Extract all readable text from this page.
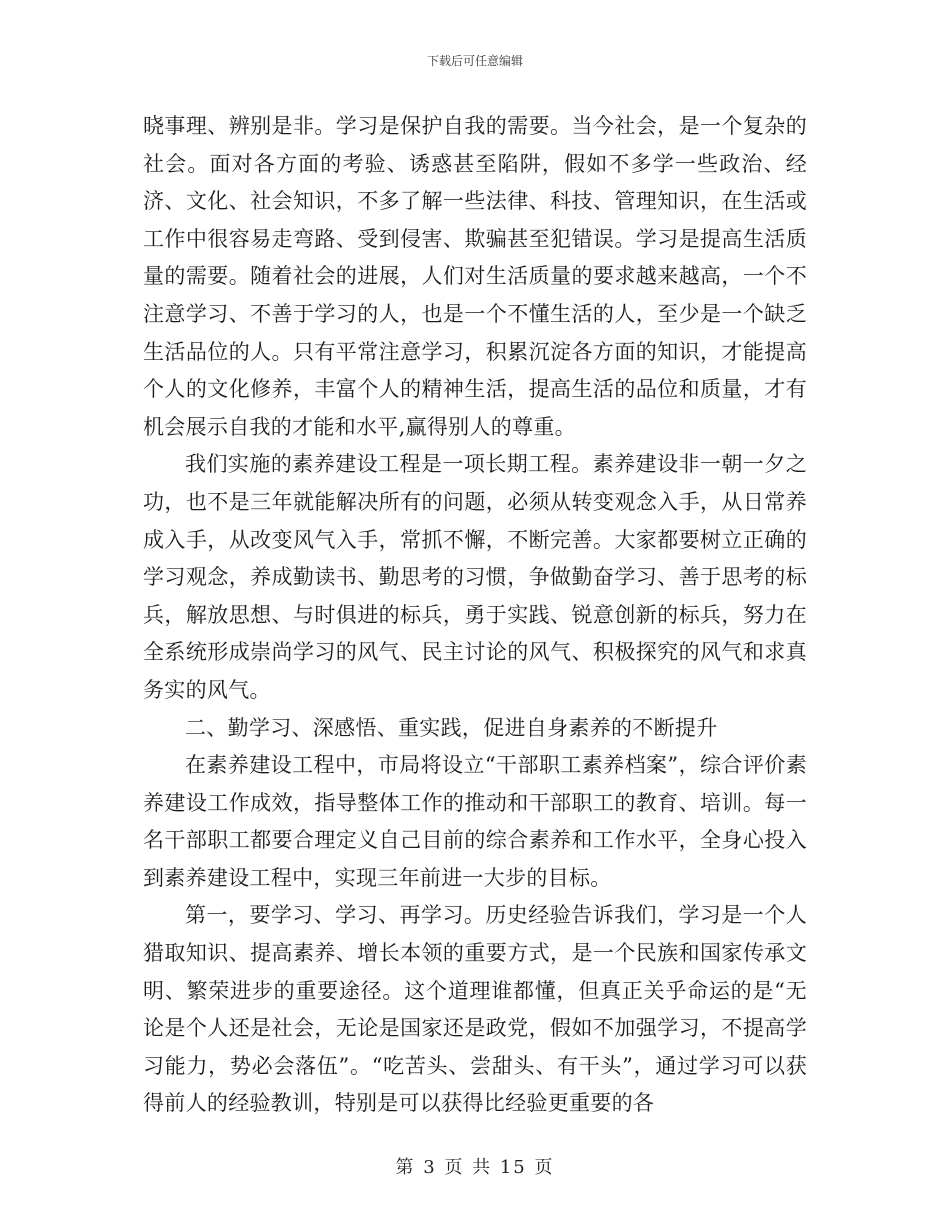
下载后可任意编辑

晓事理、辨别是非。学习是保护自我的需要。当今社会，是一个复杂的社会。面对各方面的考验、诱惑甚至陷阱，假如不多学一些政治、经济、文化、社会知识，不多了解一些法律、科技、管理知识，在生活或工作中很容易走弯路、受到侵害、欺骗甚至犯错误。学习是提高生活质量的需要。随着社会的进展，人们对生活质量的要求越来越高，一个不注意学习、不善于学习的人，也是一个不懂生活的人，至少是一个缺乏生活品位的人。只有平常注意学习，积累沉淀各方面的知识，才能提高个人的文化修养，丰富个人的精神生活，提高生活的品位和质量，才有机会展示自我的才能和水平,赢得别人的尊重。

我们实施的素养建设工程是一项长期工程。素养建设非一朝一夕之功，也不是三年就能解决所有的问题，必须从转变观念入手，从日常养成入手，从改变风气入手，常抓不懈，不断完善。大家都要树立正确的学习观念，养成勤读书、勤思考的习惯，争做勤奋学习、善于思考的标兵，解放思想、与时俱进的标兵，勇于实践、锐意创新的标兵，努力在全系统形成崇尚学习的风气、民主讨论的风气、积极探究的风气和求真务实的风气。

二、勤学习、深感悟、重实践，促进自身素养的不断提升

在素养建设工程中，市局将设立“干部职工素养档案”，综合评价素养建设工作成效，指导整体工作的推动和干部职工的教育、培训。每一名干部职工都要合理定义自己目前的综合素养和工作水平，全身心投入到素养建设工程中，实现三年前进一大步的目标。

第一，要学习、学习、再学习。历史经验告诉我们，学习是一个人猎取知识、提高素养、增长本领的重要方式，是一个民族和国家传承文明、繁荣进步的重要途径。这个道理谁都懂，但真正关乎命运的是“无论是个人还是社会，无论是国家还是政党，假如不加强学习，不提高学习能力，势必会落伍”。“吃苦头、尝甜头、有干头”，通过学习可以获得前人的经验教训，特别是可以获得比经验更重要的各

第 3 页 共 15 页
